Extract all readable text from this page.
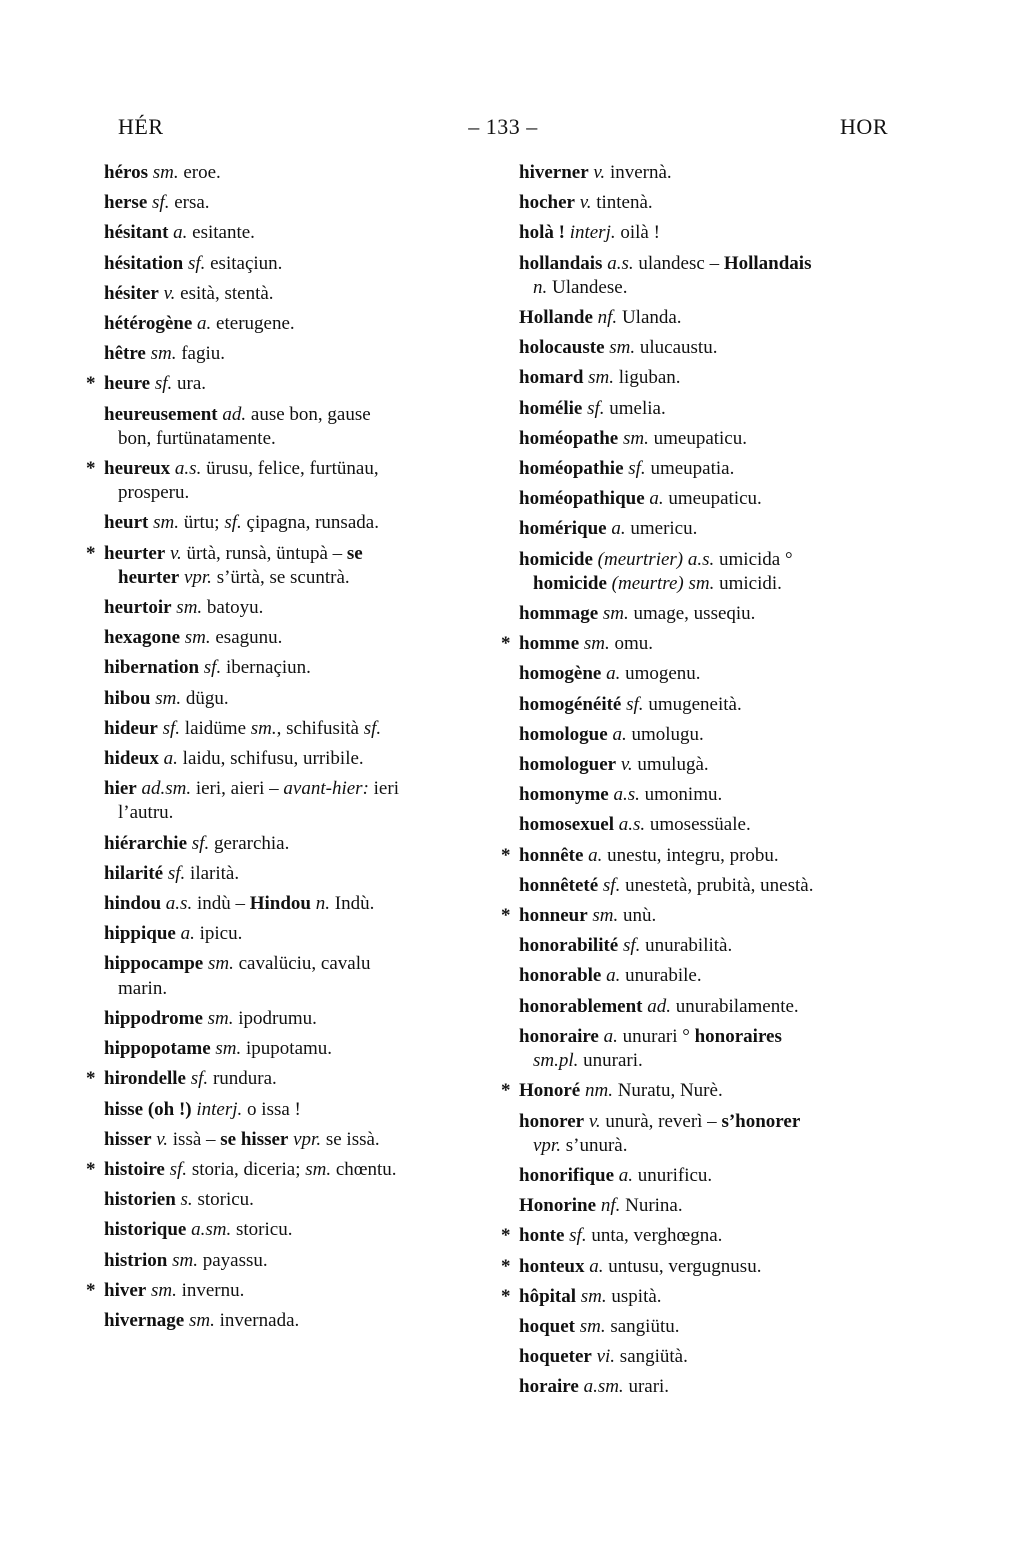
HÉR	– 133 –	HOR
héros sm. eroe.
herse sf. ersa.
hésitant a. esitante.
hésitation sf. esitaçiun.
hésiter v. esità, stentà.
hétérogène a. eterugene.
hêtre sm. fagiu.
* heure sf. ura.
heureusement ad. ause bon, gause
bon, furtünatamente.
* heureux a.s. ürusu, felice, furtünau,
prosperu.
heurt sm. ürtu; sf. çipagna, runsada.
* heurter v. ürtà, runsà, üntupà – se
heurter vpr. s’ürtà, se scuntrà.
heurtoir sm. batoyu.
hexagone sm. esagunu.
hibernation sf. ibernaçiun.
hibou sm. dügu.
hideur sf. laidüme sm., schifusità sf.
hideux a. laidu, schifusu, urribile.
hier ad.sm. ieri, aieri – avant-hier: ieri
l’autru.
hiérarchie sf. gerarchia.
hilarité sf. ilarità.
hindou a.s. indù – Hindou n. Indù.
hippique a. ipicu.
hippocampe sm. cavalüciu, cavalu
marin.
hippodrome sm. ipodrumu.
hippopotame sm. ipupotamu.
* hirondelle sf. rundura.
hisse (oh !) interj. o issa !
hisser v. issà – se hisser vpr. se issà.
* histoire sf. storia, diceria; sm. chœntu.
historien s. storicu.
historique a.sm. storicu.
histrion sm. payassu.
* hiver sm. invernu.
hivernage sm. invernada.
hiverner v. invernà.
hocher v. tintenà.
holà ! interj. oilà !
hollandais a.s. ulandesc – Hollandais
n. Ulandese.
Hollande nf. Ulanda.
holocauste sm. ulucaustu.
homard sm. liguban.
homélie sf. umelia.
homéopathe sm. umeupaticu.
homéopathie sf. umeupatia.
homéopathique a. umeupaticu.
homérique a. umericu.
homicide (meurtrier) a.s. umicida °
homicide (meurtre) sm. umicidi.
hommage sm. umage, usseqiu.
* homme sm. omu.
homogène a. umogenu.
homogénéité sf. umugeneità.
homologue a. umolugu.
homologuer v. umulugà.
homonyme a.s. umonimu.
homosexuel a.s. umosessüale.
* honnête a. unestu, integru, probu.
honnêteté sf. unestetà, prubità, unestà.
* honneur sm. unù.
honorabilité sf. unurabilità.
honorable a. unurabile.
honorablement ad. unurabilamente.
honoraire a. unurari ° honoraires
sm.pl. unurari.
* Honoré nm. Nuratu, Nurè.
honorer v. unurà, reverì – s’honorer
vpr. s’unurà.
honorifique a. unurificu.
Honorine nf. Nurina.
* honte sf. unta, verghœgna.
* honteux a. untusu, vergugnusu.
* hôpital sm. uspità.
hoquet sm. sangiütu.
hoqueter vi. sangiütà.
horaire a.sm. urari.
